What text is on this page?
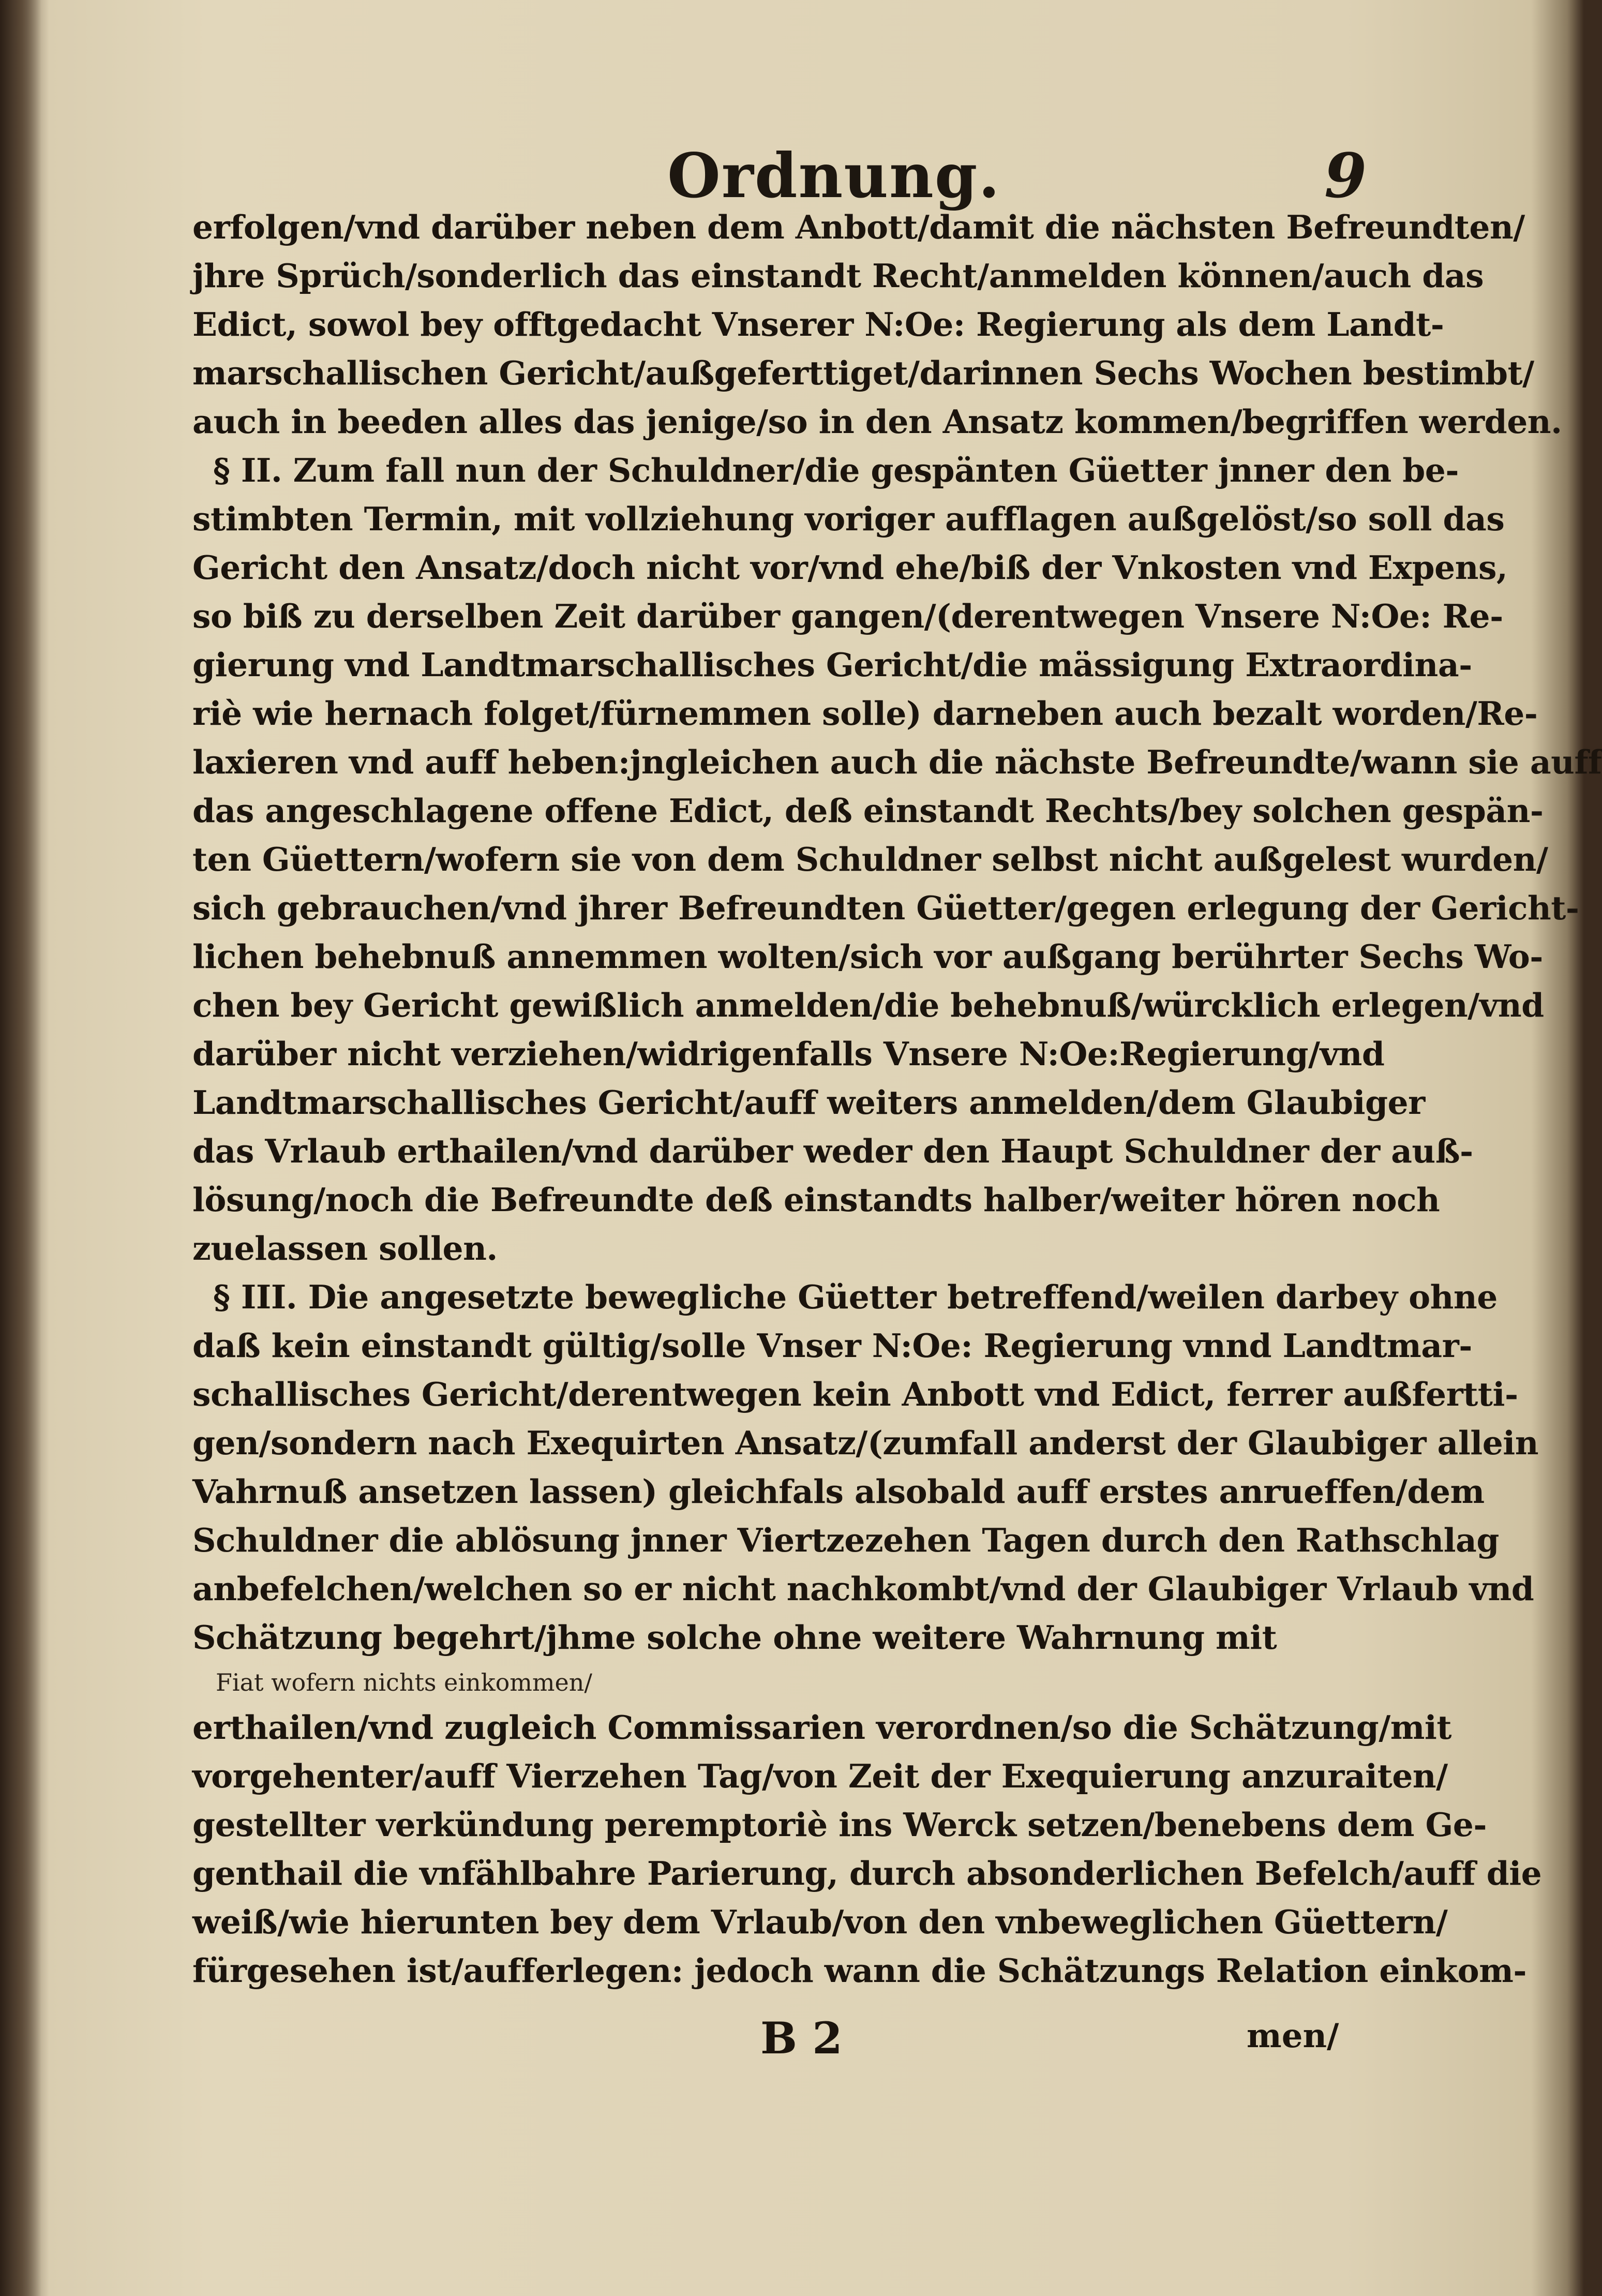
Ordnung.	9
erfolgen/vnd darüber neben dem Anbott/damit die nächsten Befreundten/
jhre Sprüch/sonderlich das einstandt Recht/anmelden können/auch das
Edict, sowol bey offtgedacht Vnserer N:Oe: Regierung als dem Landt-
marschallischen Gericht/außgeferttiget/darinnen Sechs Wochen bestimbt/
auch in beeden alles das jenige/so in den Ansatz kommen/begriffen werden.
§ II. Zum fall nun der Schuldner/die gespänten Güetter jnner den be-
stimbten Termin, mit vollziehung voriger aufflagen außgelöst/so soll das
Gericht den Ansatz/doch nicht vor/vnd ehe/biß der Vnkosten vnd Expens,
so biß zu derselben Zeit darüber gangen/(derentwegen Vnsere N:Oe: Re-
gierung vnd Landtmarschallisches Gericht/die mässigung Extraordina-
riè wie hernach folget/fürnemmen solle) darneben auch bezalt worden/Re-
laxieren vnd auff heben:jngleichen auch die nächste Befreundte/wann sie auff
das angeschlagene offene Edict, deß einstandt Rechts/bey solchen gespän-
ten Güettern/wofern sie von dem Schuldner selbst nicht außgelest wurden/
sich gebrauchen/vnd jhrer Befreundten Güetter/gegen erlegung der Gericht-
lichen behebnuß annemmen wolten/sich vor außgang berührter Sechs Wo-
chen bey Gericht gewißlich anmelden/die behebnuß/würcklich erlegen/vnd
darüber nicht verziehen/widrigenfalls Vnsere N:Oe:Regierung/vnd
Landtmarschallisches Gericht/auff weiters anmelden/dem Glaubiger
das Vrlaub erthailen/vnd darüber weder den Haupt Schuldner der auß-
lösung/noch die Befreundte deß einstandts halber/weiter hören noch
zuelassen sollen.
§ III. Die angesetzte bewegliche Güetter betreffend/weilen darbey ohne
daß kein einstandt gültig/solle Vnser N:Oe: Regierung vnnd Landtmar-
schallisches Gericht/derentwegen kein Anbott vnd Edict, ferrer außfertti-
gen/sondern nach Exequirten Ansatz/(zumfall anderst der Glaubiger allein
Vahrnuß ansetzen lassen) gleichfals alsobald auff erstes anrueffen/dem
Schuldner die ablösung jnner Viertzezehen Tagen durch den Rathschlag
anbefelchen/welchen so er nicht nachkombt/vnd der Glaubiger Vrlaub vnd
Schätzung begehrt/jhme solche ohne weitere Wahrnung mit
Fiat wofern nichts einkommen/
erthailen/vnd zugleich Commissarien verordnen/so die Schätzung/mit
vorgehenter/auff Vierzehen Tag/von Zeit der Exequierung anzuraiten/
gestellter verkündung peremptoriè ins Werck setzen/benebens dem Ge-
genthail die vnfählbahre Parierung, durch absonderlichen Befelch/auff die
weiß/wie hierunten bey dem Vrlaub/von den vnbeweglichen Güettern/
fürgesehen ist/aufferlegen: jedoch wann die Schätzungs Relation einkom-
B 2	men/
